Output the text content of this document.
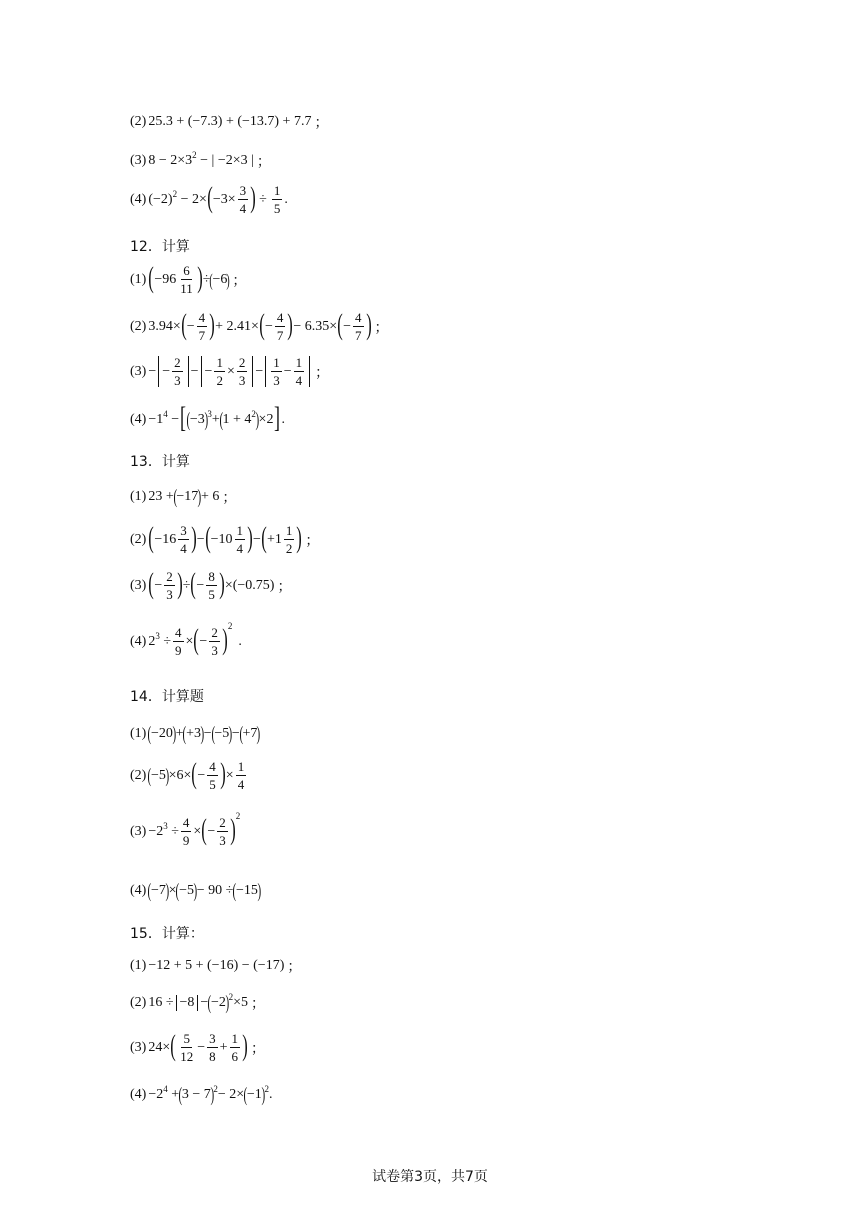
(2) 25.3 + (−7.3) + (−13.7) + 7.7 ；
(3) $8 - 2\times 3^2$ − | −2×3 | ；
(4) $(-2)^2 - 2\times$ ( $-3\times \frac{3}{4}$ ) ÷ $\frac{1}{5}$ .
12．计算
(1) ( $-96 \frac{6}{11}$ ) ÷ ( −6 ) ；
(2) 3.94× ( − $\frac{4}{7}$ ) + 2.41× ( − $\frac{4}{7}$ ) − 6.35× ( − $\frac{4}{7}$ ) ；
(3) − − $\frac{2}{3}$ − − $\frac{1}{2} \times \frac{2}{3} - \frac{1}{3} - \frac{1}{4}$ ；
$(4) -1^4$ − [ ( −3 )$^3$ + ( $1 + 4^2$ ) ×2 ] .
13．计算
(1) 23 + ( −17 ) + 6 ；
(2) ( $-16 \frac{3}{4}$ ) − ( $-10 \frac{1}{4}$ ) − ( $+1 \frac{1}{2}$ ) ；
(3) ( − $\frac{2}{3}$ ) ÷ ( − $\frac{8}{5}$ ) ×(−0.75) ；
(4) $2^3 \div \frac{4}{9}$ × ( − $\frac{2}{3}$ ) 2
.
14．计算题
(1) ( −20 ) + ( +3 ) − ( −5 ) − ( +7 )
(2) ( −5 ) ×6× ( − $\frac{4}{5}$ ) × $\frac{1}{4}$
$(3) -2^3 \div \frac{4}{9}$ × ( − $\frac{2}{3}$ ) 2
(4) ( −7 ) × ( −5 ) − 90 ÷ ( −15 )
15．计算：
(1) −12 + 5 + (−16) − (−17) ；
(2) 16 ÷ −8 − ( −2 )$^2$ ×5 ；
(3) 24× ( $\frac{5}{12} - \frac{3}{8} + \frac{1}{6}$ ) ；
$(4) -2^4$ + ( 3 − 7 )$^2$ − 2× ( −1 )$^2$ .
试卷第3页，共7页
